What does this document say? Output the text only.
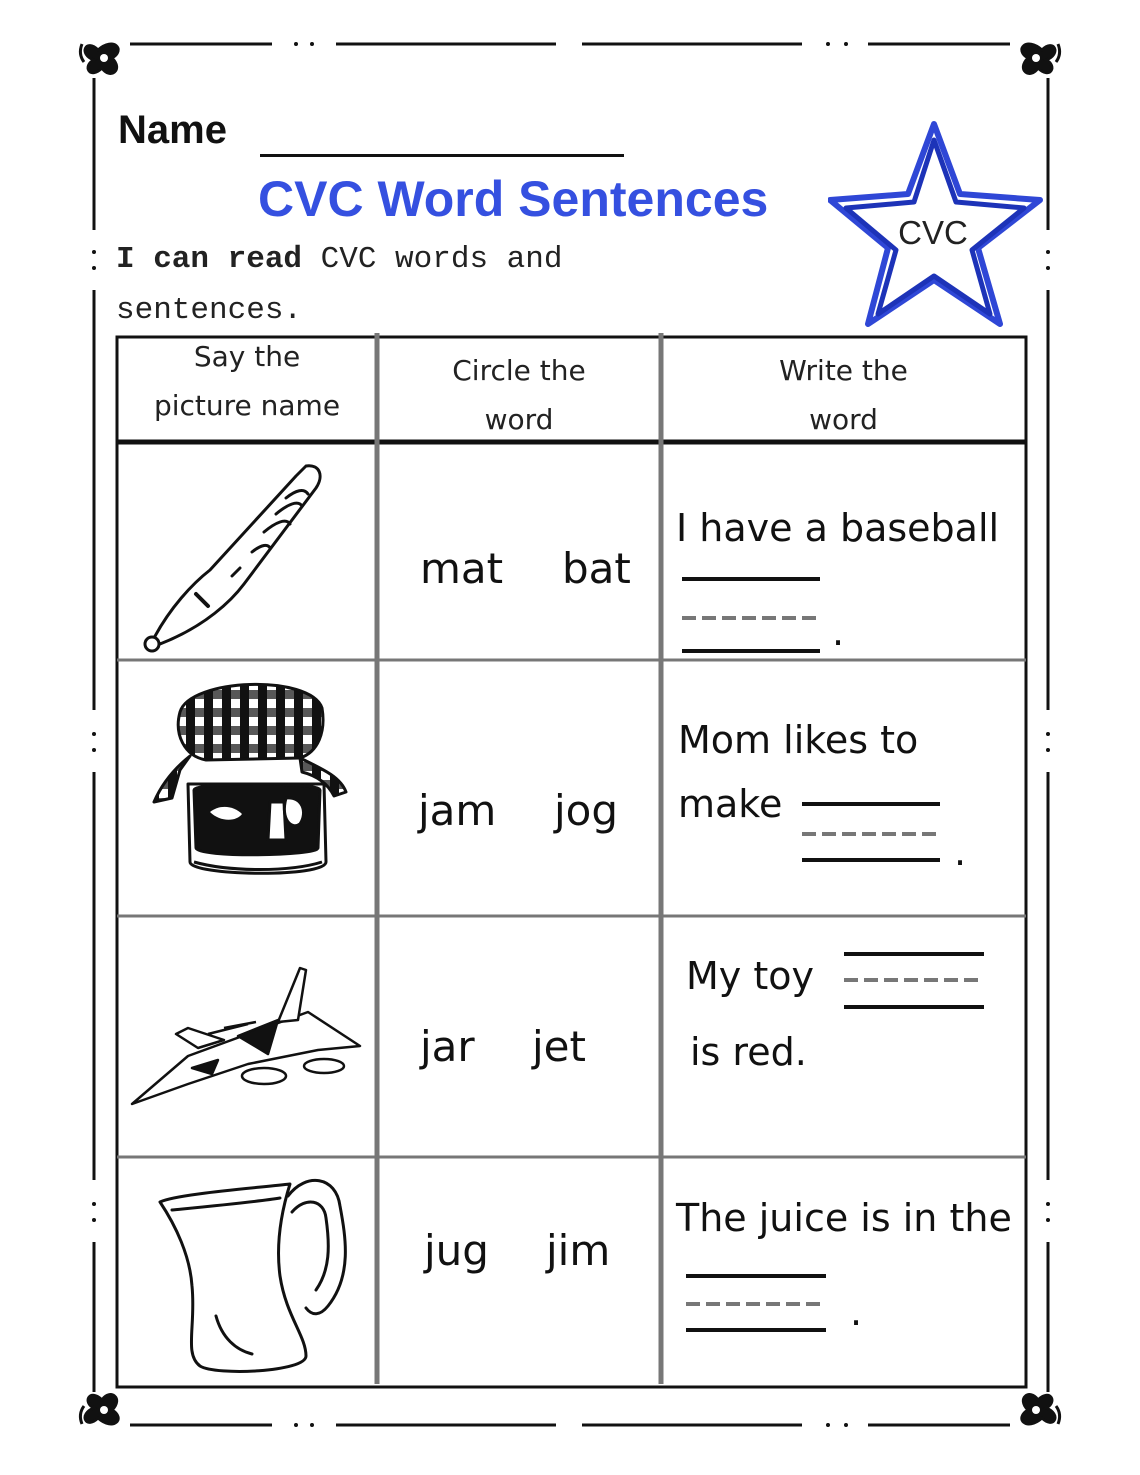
Name
CVC Word Sentences
CVC
I can read CVC words and sentences.
Say the
picture name
Circle the
word
Write the
word
mat bat
I have a baseball
.
jam jog
Mom likes to
make
.
jar jet
My toy
is red.
jug jim
The juice is in the
.
